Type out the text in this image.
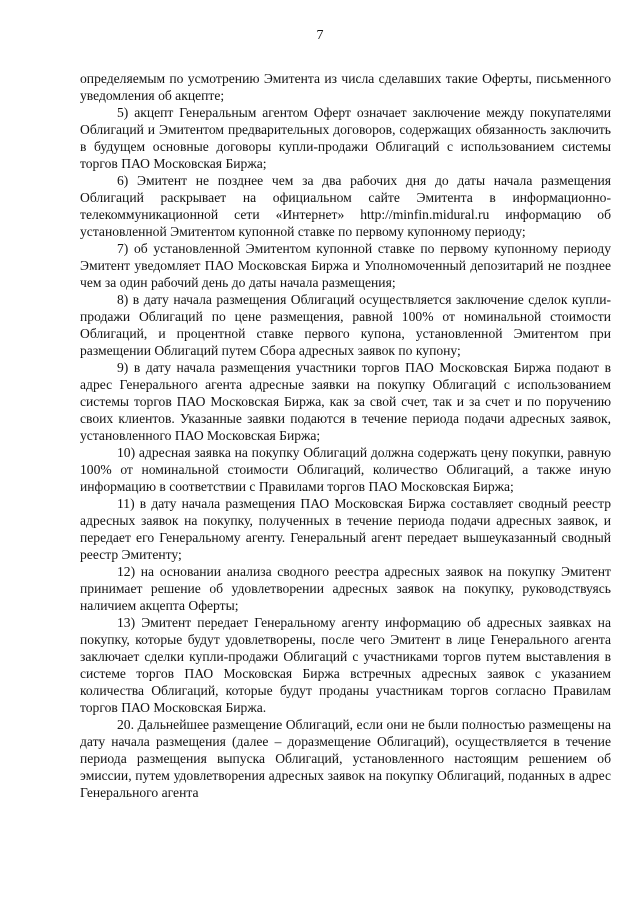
7

определяемым по усмотрению Эмитента из числа сделавших такие Оферты, письменного уведомления об акцепте;

5) акцепт Генеральным агентом Оферт означает заключение между покупателями Облигаций и Эмитентом предварительных договоров, содержащих обязанность заключить в будущем основные договоры купли-продажи Облигаций с использованием системы торгов ПАО Московская Биржа;

6) Эмитент не позднее чем за два рабочих дня до даты начала размещения Облигаций раскрывает на официальном сайте Эмитента в информационно-телекоммуникационной сети «Интернет» http://minfin.midural.ru информацию об установленной Эмитентом купонной ставке по первому купонному периоду;

7) об установленной Эмитентом купонной ставке по первому купонному периоду Эмитент уведомляет ПАО Московская Биржа и Уполномоченный депозитарий не позднее чем за один рабочий день до даты начала размещения;

8) в дату начала размещения Облигаций осуществляется заключение сделок купли-продажи Облигаций по цене размещения, равной 100% от номинальной стоимости Облигаций, и процентной ставке первого купона, установленной Эмитентом при размещении Облигаций путем Сбора адресных заявок по купону;

9) в дату начала размещения участники торгов ПАО Московская Биржа подают в адрес Генерального агента адресные заявки на покупку Облигаций с использованием системы торгов ПАО Московская Биржа, как за свой счет, так и за счет и по поручению своих клиентов. Указанные заявки подаются в течение периода подачи адресных заявок, установленного ПАО Московская Биржа;

10) адресная заявка на покупку Облигаций должна содержать цену покупки, равную 100% от номинальной стоимости Облигаций, количество Облигаций, а также иную информацию в соответствии с Правилами торгов ПАО Московская Биржа;

11) в дату начала размещения ПАО Московская Биржа составляет сводный реестр адресных заявок на покупку, полученных в течение периода подачи адресных заявок, и передает его Генеральному агенту. Генеральный агент передает вышеуказанный сводный реестр Эмитенту;

12) на основании анализа сводного реестра адресных заявок на покупку Эмитент принимает решение об удовлетворении адресных заявок на покупку, руководствуясь наличием акцепта Оферты;

13) Эмитент передает Генеральному агенту информацию об адресных заявках на покупку, которые будут удовлетворены, после чего Эмитент в лице Генерального агента заключает сделки купли-продажи Облигаций с участниками торгов путем выставления в системе торгов ПАО Московская Биржа встречных адресных заявок с указанием количества Облигаций, которые будут проданы участникам торгов согласно Правилам торгов ПАО Московская Биржа.

20. Дальнейшее размещение Облигаций, если они не были полностью размещены на дату начала размещения (далее – доразмещение Облигаций), осуществляется в течение периода размещения выпуска Облигаций, установленного настоящим решением об эмиссии, путем удовлетворения адресных заявок на покупку Облигаций, поданных в адрес Генерального агента
